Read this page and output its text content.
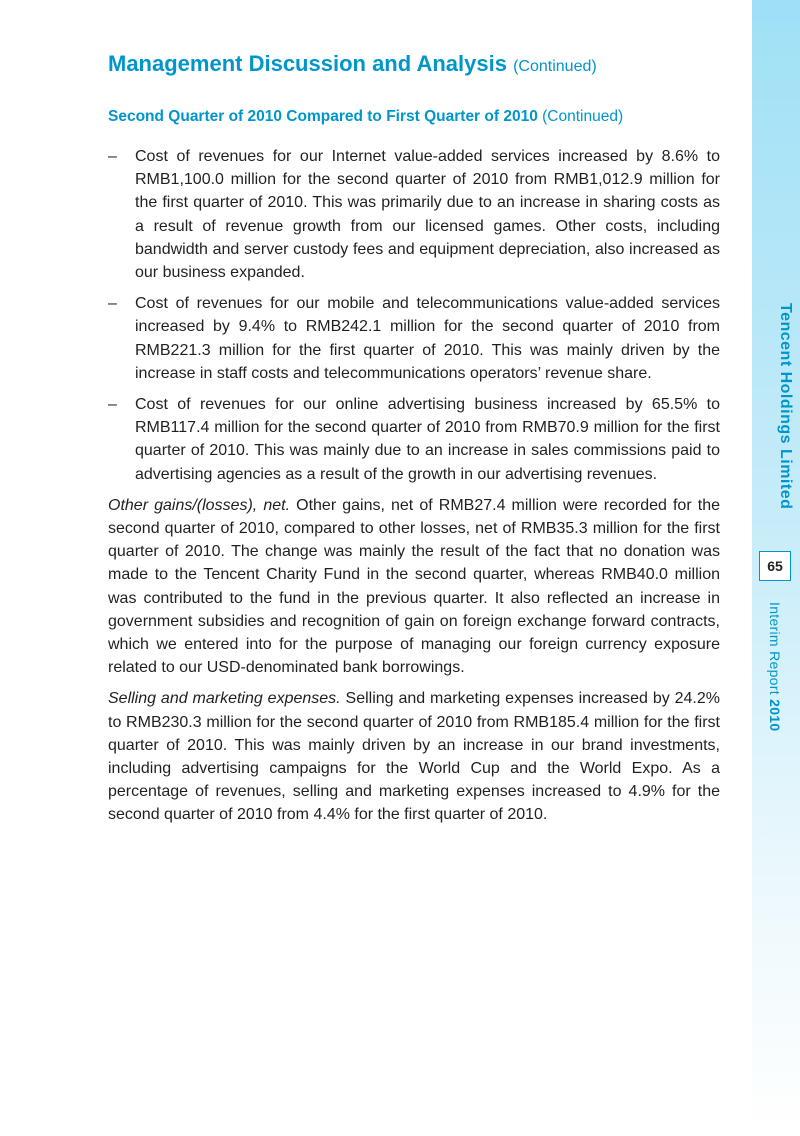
Tencent Holdings Limited
65
Interim Report 2010
Management Discussion and Analysis (Continued)
Second Quarter of 2010 Compared to First Quarter of 2010 (Continued)
– Cost of revenues for our Internet value-added services increased by 8.6% to RMB1,100.0 million for the second quarter of 2010 from RMB1,012.9 million for the first quarter of 2010. This was primarily due to an increase in sharing costs as a result of revenue growth from our licensed games. Other costs, including bandwidth and server custody fees and equipment depreciation, also increased as our business expanded.
– Cost of revenues for our mobile and telecommunications value-added services increased by 9.4% to RMB242.1 million for the second quarter of 2010 from RMB221.3 million for the first quarter of 2010. This was mainly driven by the increase in staff costs and telecommunications operators’ revenue share.
– Cost of revenues for our online advertising business increased by 65.5% to RMB117.4 million for the second quarter of 2010 from RMB70.9 million for the first quarter of 2010. This was mainly due to an increase in sales commissions paid to advertising agencies as a result of the growth in our advertising revenues.

Other gains/(losses), net. Other gains, net of RMB27.4 million were recorded for the second quarter of 2010, compared to other losses, net of RMB35.3 million for the first quarter of 2010. The change was mainly the result of the fact that no donation was made to the Tencent Charity Fund in the second quarter, whereas RMB40.0 million was contributed to the fund in the previous quarter. It also reflected an increase in government subsidies and recognition of gain on foreign exchange forward contracts, which we entered into for the purpose of managing our foreign currency exposure related to our USD-denominated bank borrowings.

Selling and marketing expenses. Selling and marketing expenses increased by 24.2% to RMB230.3 million for the second quarter of 2010 from RMB185.4 million for the first quarter of 2010. This was mainly driven by an increase in our brand investments, including advertising campaigns for the World Cup and the World Expo. As a percentage of revenues, selling and marketing expenses increased to 4.9% for the second quarter of 2010 from 4.4% for the first quarter of 2010.
